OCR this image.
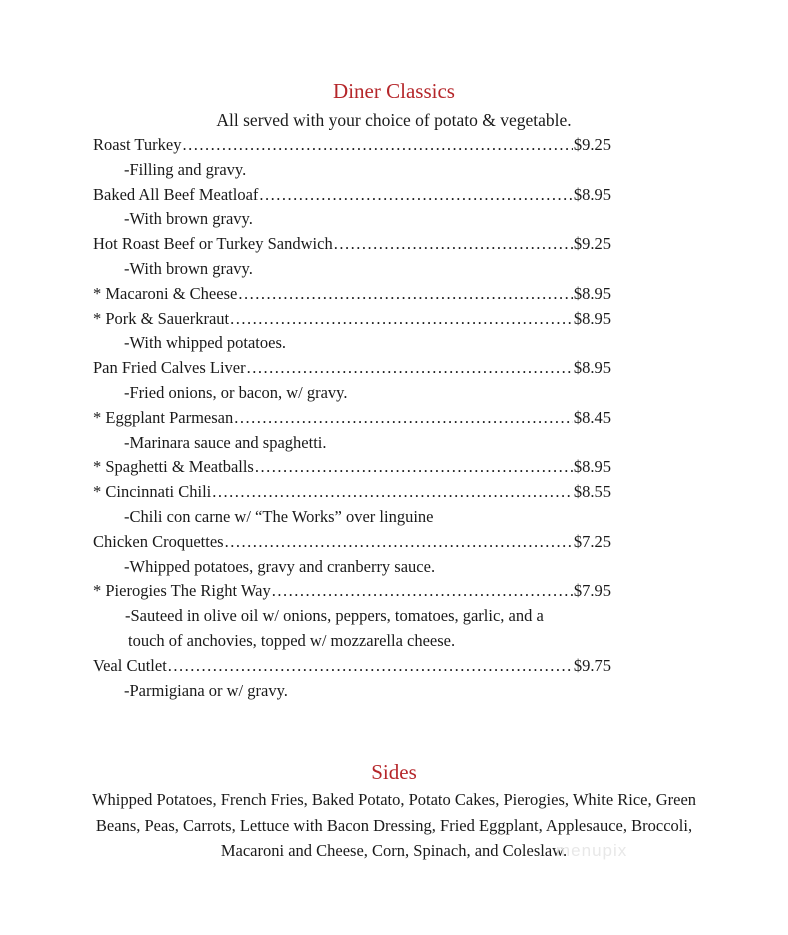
Diner Classics
All served with your choice of potato & vegetable.
Roast Turkey .....	$9.25
-Filling and gravy.
Baked All Beef Meatloaf .....	$8.95
-With brown gravy.
Hot Roast Beef or Turkey Sandwich .....	$9.25
-With brown gravy.
* Macaroni & Cheese .....	$8.95
* Pork & Sauerkraut .....	$8.95
-With whipped potatoes.
Pan Fried Calves Liver .....	$8.95
-Fried onions, or bacon, w/ gravy.
* Eggplant Parmesan .....	$8.45
-Marinara sauce and spaghetti.
* Spaghetti & Meatballs .....	$8.95
* Cincinnati Chili .....	$8.55
-Chili con carne w/ “The Works” over linguine
Chicken Croquettes .....	$7.25
-Whipped potatoes, gravy and cranberry sauce.
* Pierogies The Right Way .....	$7.95
-Sauteed in olive oil w/ onions, peppers, tomatoes, garlic, and a
touch of anchovies, topped w/ mozzarella cheese.
Veal Cutlet .....	$9.75
-Parmigiana or w/ gravy.
Sides
Whipped Potatoes, French Fries, Baked Potato, Potato Cakes, Pierogies, White Rice, Green Beans, Peas, Carrots, Lettuce with Bacon Dressing, Fried Eggplant, Applesauce, Broccoli, Macaroni and Cheese, Corn, Spinach, and Coleslaw.
menupix
